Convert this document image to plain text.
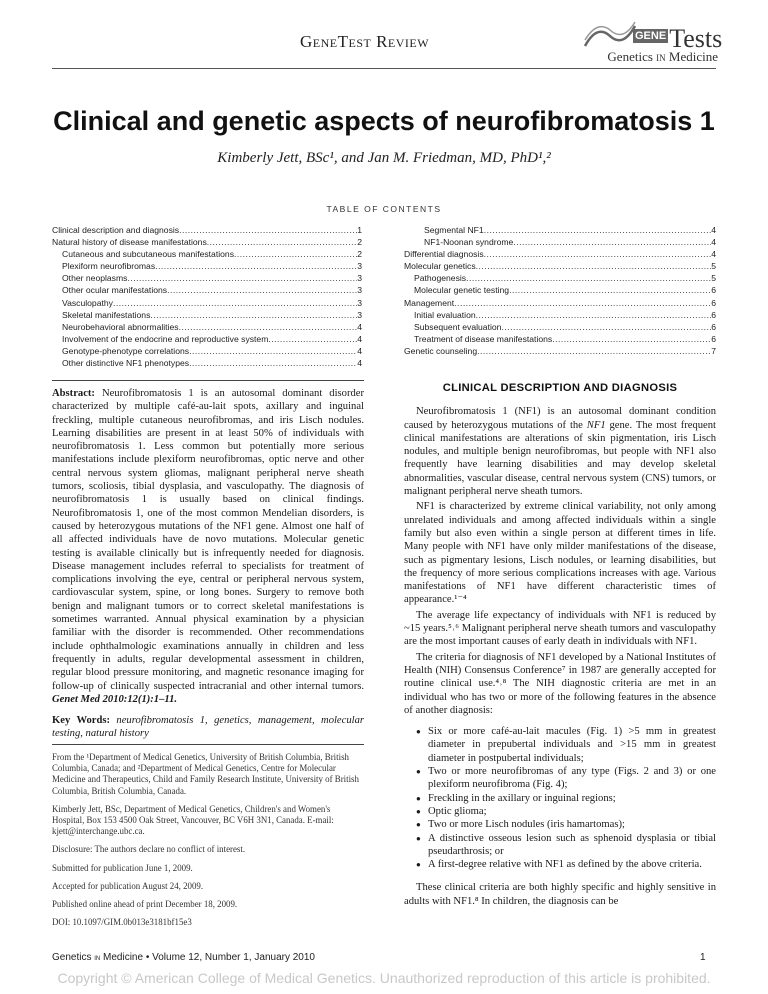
GeneTest Review	$^{GENE}$ Tests
Genetics in Medicine
Clinical and genetic aspects of neurofibromatosis 1
Kimberly Jett, BSc¹, and Jan M. Friedman, MD, PhD¹,²
TABLE OF CONTENTS
Clinical description and diagnosis .....	1
Natural history of disease manifestations .....	2
Cutaneous and subcutaneous manifestations .....	2
Plexiform neurofibromas .....	3
Other neoplasms .....	3
Other ocular manifestations .....	3
Vasculopathy .....	3
Skeletal manifestations .....	3
Neurobehavioral abnormalities .....	4
Involvement of the endocrine and reproductive system .....	4
Genotype-phenotype correlations .....	4
Other distinctive NF1 phenotypes .....	4
Segmental NF1 .....	4
NF1-Noonan syndrome .....	4
Differential diagnosis .....	4
Molecular genetics .....	5
Pathogenesis .....	5
Molecular genetic testing .....	6
Management .....	6
Initial evaluation .....	6
Subsequent evaluation .....	6
Treatment of disease manifestations .....	6
Genetic counseling .....	7
Abstract: Neurofibromatosis 1 is an autosomal dominant disorder characterized by multiple café-au-lait spots, axillary and inguinal freckling, multiple cutaneous neurofibromas, and iris Lisch nodules. Learning disabilities are present in at least 50% of individuals with neurofibromatosis 1. Less common but potentially more serious manifestations include plexiform neurofibromas, optic nerve and other central nervous system gliomas, malignant peripheral nerve sheath tumors, scoliosis, tibial dysplasia, and vasculopathy. The diagnosis of neurofibromatosis 1 is usually based on clinical findings. Neurofibromatosis 1, one of the most common Mendelian disorders, is caused by heterozygous mutations of the NF1 gene. Almost one half of all affected individuals have de novo mutations. Molecular genetic testing is available clinically but is infrequently needed for diagnosis. Disease management includes referral to specialists for treatment of complications involving the eye, central or peripheral nervous system, cardiovascular system, spine, or long bones. Surgery to remove both benign and malignant tumors or to correct skeletal manifestations is sometimes warranted. Annual physical examination by a physician familiar with the disorder is recommended. Other recommendations include ophthalmologic examinations annually in children and less frequently in adults, regular developmental assessment in children, regular blood pressure monitoring, and magnetic resonance imaging for follow-up of clinically suspected intracranial and other internal tumors. Genet Med 2010:12(1):1–11.
Key Words: neurofibromatosis 1, genetics, management, molecular testing, natural history

From the ¹Department of Medical Genetics, University of British Columbia, British Columbia, Canada; and ²Department of Medical Genetics, Centre for Molecular Medicine and Therapeutics, Child and Family Research Institute, University of British Columbia, British Columbia, Canada.

Kimberly Jett, BSc, Department of Medical Genetics, Children's and Women's Hospital, Box 153 4500 Oak Street, Vancouver, BC V6H 3N1, Canada. E-mail: kjett@interchange.ubc.ca.

Disclosure: The authors declare no conflict of interest.

Submitted for publication June 1, 2009.

Accepted for publication August 24, 2009.

Published online ahead of print December 18, 2009.

DOI: 10.1097/GIM.0b013e3181bf15e3

CLINICAL DESCRIPTION AND DIAGNOSIS

Neurofibromatosis 1 (NF1) is an autosomal dominant condition caused by heterozygous mutations of the NF1 gene. The most frequent clinical manifestations are alterations of skin pigmentation, iris Lisch nodules, and multiple benign neurofibromas, but people with NF1 also frequently have learning disabilities and may develop skeletal abnormalities, vascular disease, central nervous system (CNS) tumors, or malignant peripheral nerve sheath tumors.

NF1 is characterized by extreme clinical variability, not only among unrelated individuals and among affected individuals within a single family but also even within a single person at different times in life. Many people with NF1 have only milder manifestations of the disease, such as pigmentary lesions, Lisch nodules, or learning disabilities, but the frequency of more serious complications increases with age. Various manifestations of NF1 have different characteristic times of appearance.¹⁻⁴

The average life expectancy of individuals with NF1 is reduced by ~15 years.⁵˒⁶ Malignant peripheral nerve sheath tumors and vasculopathy are the most important causes of early death in individuals with NF1.

The criteria for diagnosis of NF1 developed by a National Institutes of Health (NIH) Consensus Conference⁷ in 1987 are generally accepted for routine clinical use.⁴˒⁸ The NIH diagnostic criteria are met in an individual who has two or more of the following features in the absence of another diagnosis:

● Six or more café-au-lait macules (Fig. 1) >5 mm in greatest diameter in prepubertal individuals and >15 mm in greatest diameter in postpubertal individuals;
● Two or more neurofibromas of any type (Figs. 2 and 3) or one plexiform neurofibroma (Fig. 4);
● Freckling in the axillary or inguinal regions;
● Optic glioma;
● Two or more Lisch nodules (iris hamartomas);
● A distinctive osseous lesion such as sphenoid dysplasia or tibial pseudarthrosis; or
● A first-degree relative with NF1 as defined by the above criteria.

These clinical criteria are both highly specific and highly sensitive in adults with NF1.⁸ In children, the diagnosis can be

Genetics in Medicine • Volume 12, Number 1, January 2010	1
Copyright © American College of Medical Genetics. Unauthorized reproduction of this article is prohibited.
